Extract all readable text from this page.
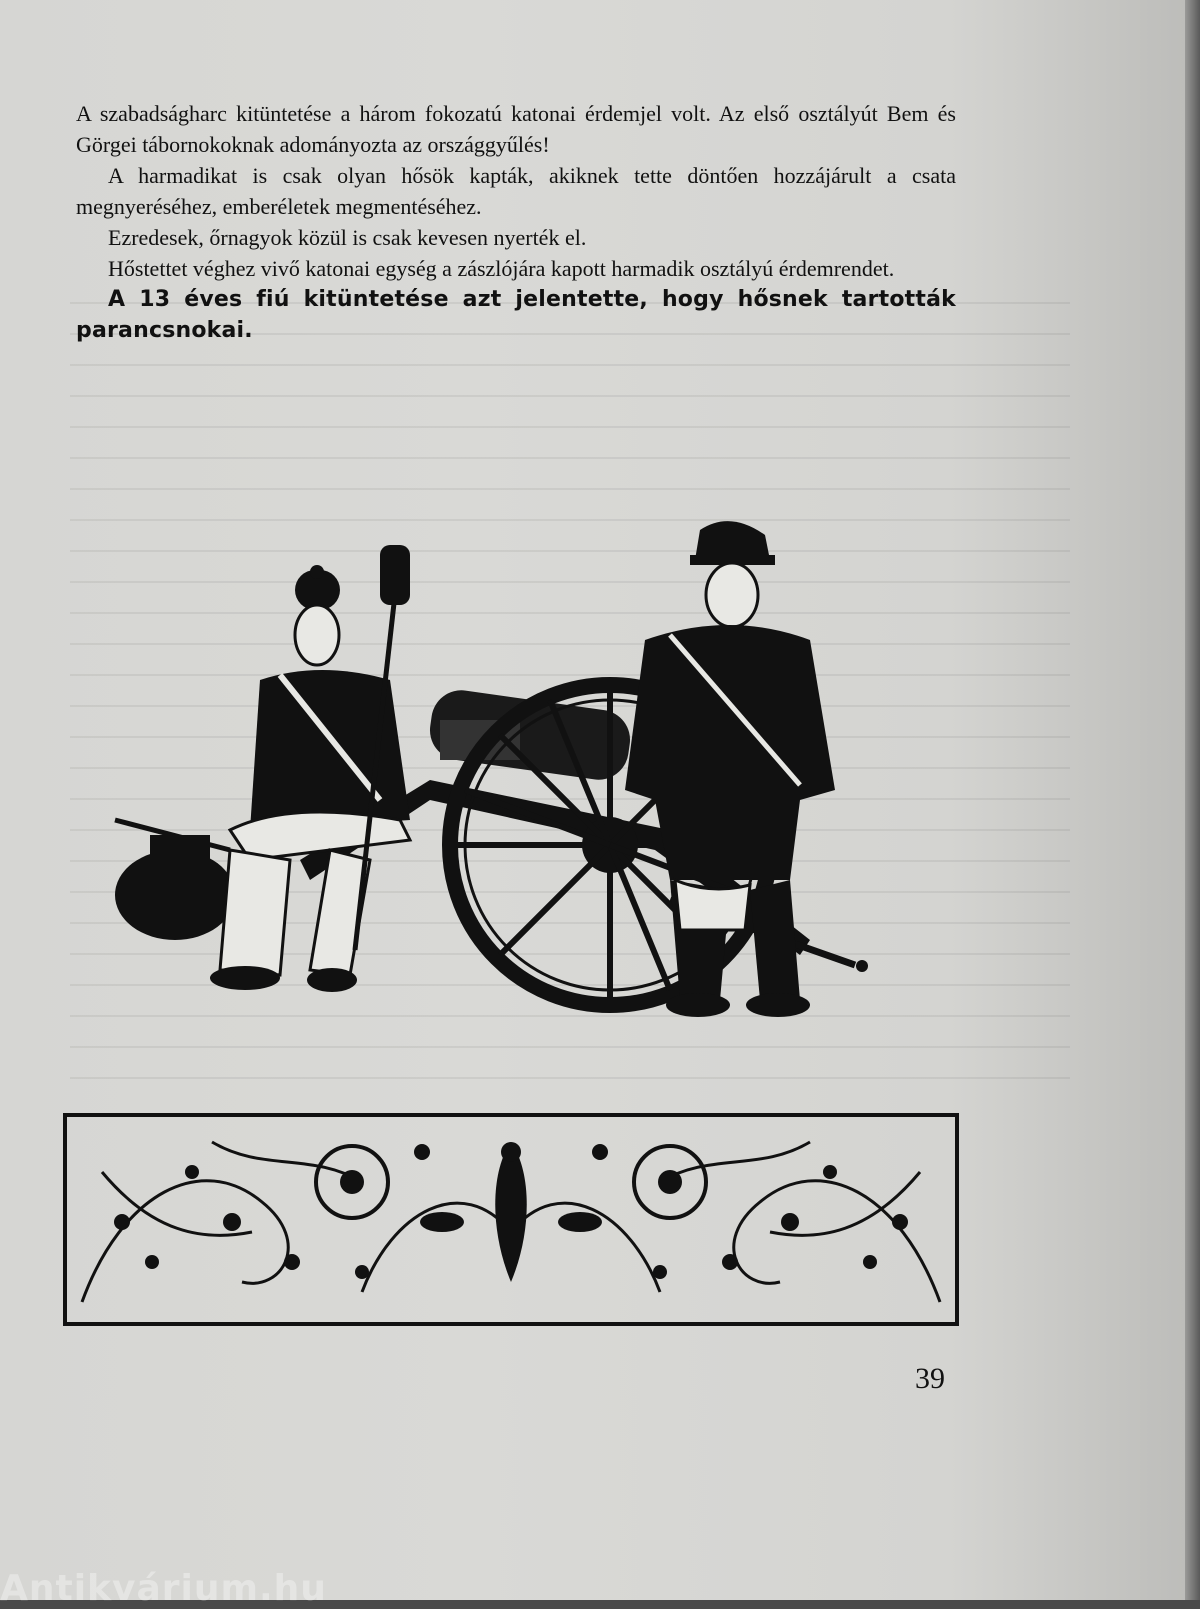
A szabadságharc kitüntetése a három fokozatú katonai érdemjel volt. Az első osztályút Bem és Görgei tábornokoknak adományozta az országgyűlés!

A harmadikat is csak olyan hősök kapták, akiknek tette döntően hozzájárult a csata megnyeréséhez, emberéletek megmentéséhez.

Ezredesek, őrnagyok közül is csak kevesen nyerték el.

Hőstettet véghez vivő katonai egység a zászlójára kapott harmadik osztályú érdemrendet.

A 13 éves fiú kitüntetése azt jelentette, hogy hősnek tartották parancsnokai.

39
Antikvárium.hu
